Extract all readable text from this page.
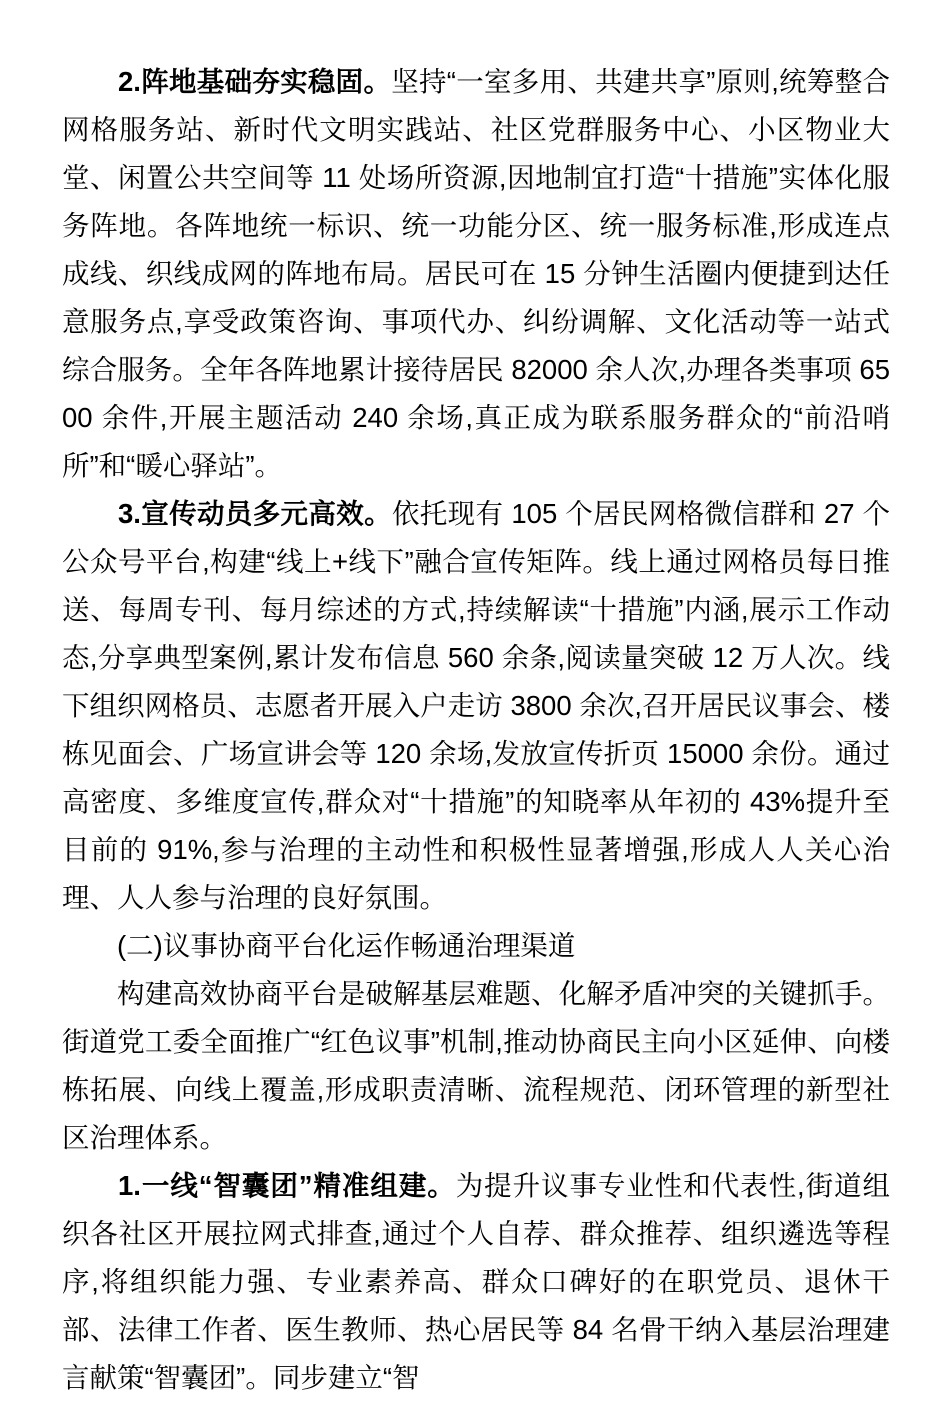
2.阵地基础夯实稳固。坚持“一室多用、共建共享”原则,统筹整合网格服务站、新时代文明实践站、社区党群服务中心、小区物业大堂、闲置公共空间等 11 处场所资源,因地制宜打造“十措施”实体化服务阵地。各阵地统一标识、统一功能分区、统一服务标准,形成连点成线、织线成网的阵地布局。居民可在 15 分钟生活圈内便捷到达任意服务点,享受政策咨询、事项代办、纠纷调解、文化活动等一站式综合服务。全年各阵地累计接待居民 82000 余人次,办理各类事项 6500 余件,开展主题活动 240 余场,真正成为联系服务群众的“前沿哨所”和“暖心驿站”。

3.宣传动员多元高效。依托现有 105 个居民网格微信群和 27 个公众号平台,构建“线上+线下”融合宣传矩阵。线上通过网格员每日推送、每周专刊、每月综述的方式,持续解读“十措施”内涵,展示工作动态,分享典型案例,累计发布信息 560 余条,阅读量突破 12 万人次。线下组织网格员、志愿者开展入户走访 3800 余次,召开居民议事会、楼栋见面会、广场宣讲会等 120 余场,发放宣传折页 15000 余份。通过高密度、多维度宣传,群众对“十措施”的知晓率从年初的 43%提升至目前的 91%,参与治理的主动性和积极性显著增强,形成人人关心治理、人人参与治理的良好氛围。

(二)议事协商平台化运作畅通治理渠道

构建高效协商平台是破解基层难题、化解矛盾冲突的关键抓手。街道党工委全面推广“红色议事”机制,推动协商民主向小区延伸、向楼栋拓展、向线上覆盖,形成职责清晰、流程规范、闭环管理的新型社区治理体系。

1.一线“智囊团”精准组建。为提升议事专业性和代表性,街道组织各社区开展拉网式排查,通过个人自荐、群众推荐、组织遴选等程序,将组织能力强、专业素养高、群众口碑好的在职党员、退休干部、法律工作者、医生教师、热心居民等 84 名骨干纳入基层治理建言献策“智囊团”。同步建立“智
